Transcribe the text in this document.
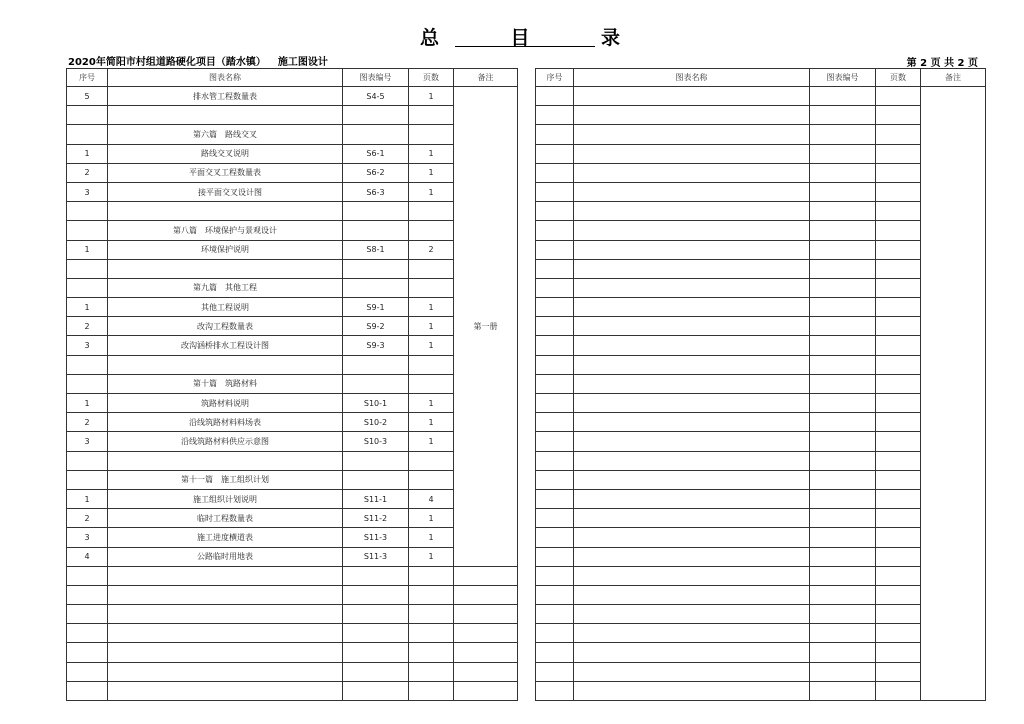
总	目	录
2020年简阳市村组道路硬化项目（踏水镇） 施工图设计	第 2 页 共 2 页
序号	图表名称	图表编号	页数	备注
5	排水管工程数量表	S4-5	1	第一册

	第六篇　路线交叉			
1	路线交叉说明	S6-1	1	
2	平面交叉工程数量表	S6-2	1	
3	接平面交叉设计图	S6-3	1	

	第八篇　环境保护与景观设计			
1	环境保护说明	S8-1	2	

	第九篇　其他工程			
1	其他工程说明	S9-1	1	
2	改沟工程数量表	S9-2	1	
3	改沟涵桥排水工程设计图	S9-3	1	

	第十篇　筑路材料			
1	筑路材料说明	S10-1	1	
2	沿线筑路材料料场表	S10-2	1	
3	沿线筑路材料供应示意图	S10-3	1	

	第十一篇　施工组织计划			
1	施工组织计划说明	S11-1	4	
2	临时工程数量表	S11-2	1	
3	施工进度横道表	S11-3	1	
4	公路临时用地表	S11-3	1	

序号	图表名称	图表编号	页数	备注
